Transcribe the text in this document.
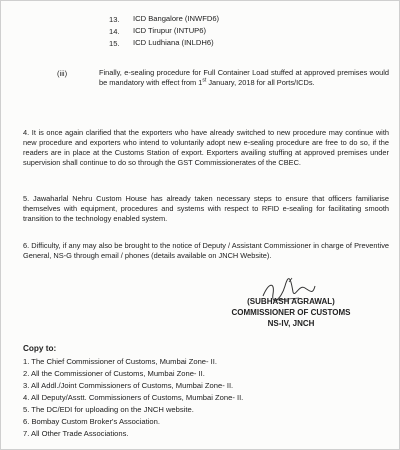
13. ICD Bangalore (INWFD6)
14. ICD Tirupur (INTUP6)
15. ICD Ludhiana (INLDH6)
(iii)	Finally, e-sealing procedure for Full Container Load stuffed at approved premises would be mandatory with effect from 1st January, 2018 for all Ports/ICDs.
4. It is once again clarified that the exporters who have already switched to new procedure may continue with new procedure and exporters who intend to voluntarily adopt new e-sealing procedure are free to do so, if the readers are in place at the Customs Station of export. Exporters availing stuffing at approved premises under supervision shall continue to do so through the GST Commissionerates of the CBEC.
5. Jawaharlal Nehru Custom House has already taken necessary steps to ensure that officers familiarise themselves with equipment, procedures and systems with respect to RFID e-sealing for facilitating smooth transition to the technology enabled system.
6. Difficulty, if any may also be brought to the notice of Deputy / Assistant Commissioner in charge of Preventive General, NS-G through email / phones (details available on JNCH Website).
(SUBHASH AGRAWAL)
COMMISSIONER OF CUSTOMS
NS-IV, JNCH
Copy to:
1. The Chief Commissioner of Customs, Mumbai Zone- II.
2. All the Commissioner of Customs, Mumbai Zone- II.
3. All Addl./Joint Commissioners of Customs, Mumbai Zone- II.
4. All Deputy/Asstt. Commissioners of Customs, Mumbai Zone- II.
5. The DC/EDI for uploading on the JNCH website.
6. Bombay Custom Broker's Association.
7. All Other Trade Associations.
